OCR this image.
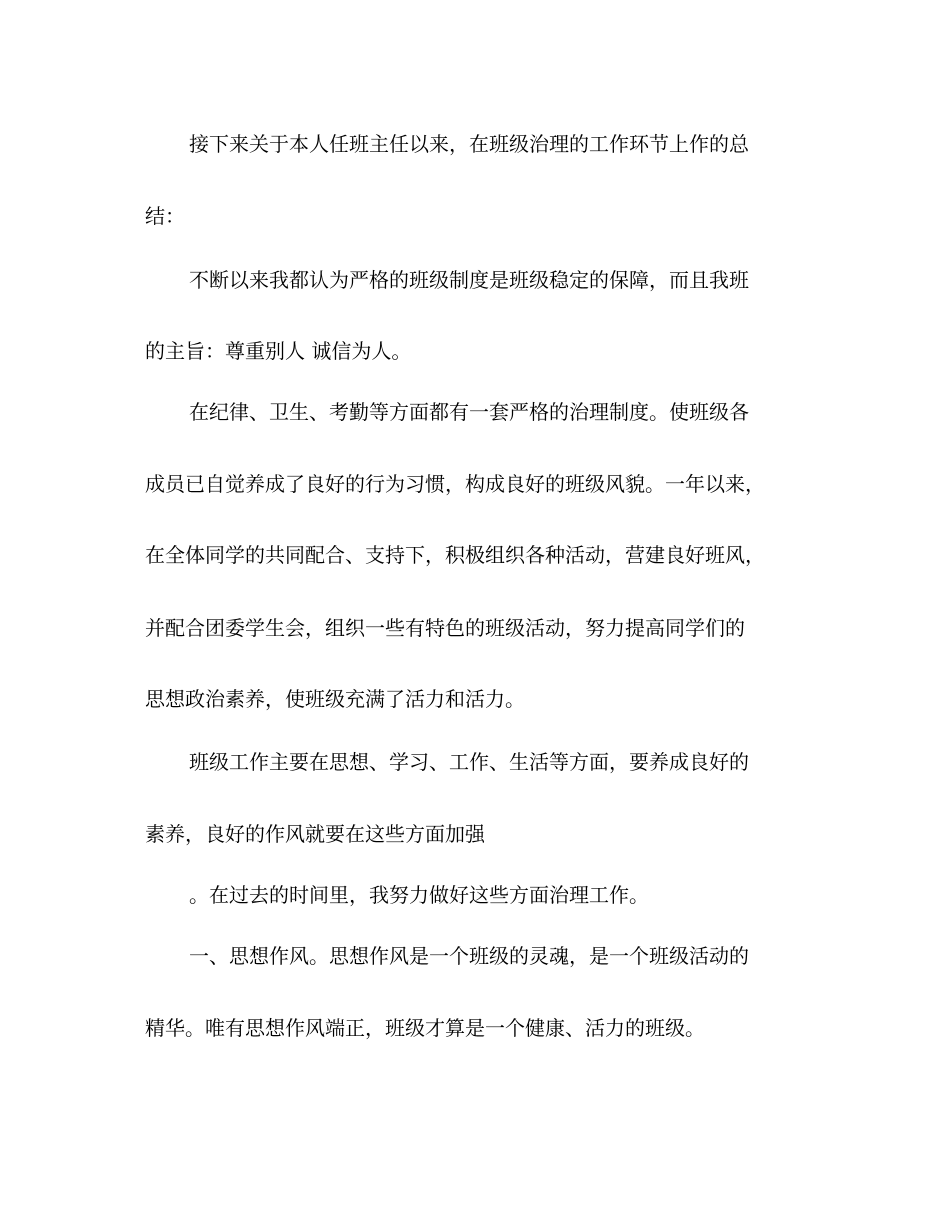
接下来关于本人任班主任以来，在班级治理的工作环节上作的总

结：

不断以来我都认为严格的班级制度是班级稳定的保障，而且我班

的主旨：尊重别人 诚信为人。

在纪律、卫生、考勤等方面都有一套严格的治理制度。使班级各

成员已自觉养成了良好的行为习惯，构成良好的班级风貌。一年以来，

在全体同学的共同配合、支持下，积极组织各种活动，营建良好班风，

并配合团委学生会，组织一些有特色的班级活动，努力提高同学们的

思想政治素养，使班级充满了活力和活力。

班级工作主要在思想、学习、工作、生活等方面，要养成良好的

素养，良好的作风就要在这些方面加强

。在过去的时间里，我努力做好这些方面治理工作。

一、思想作风。思想作风是一个班级的灵魂，是一个班级活动的

精华。唯有思想作风端正，班级才算是一个健康、活力的班级。
